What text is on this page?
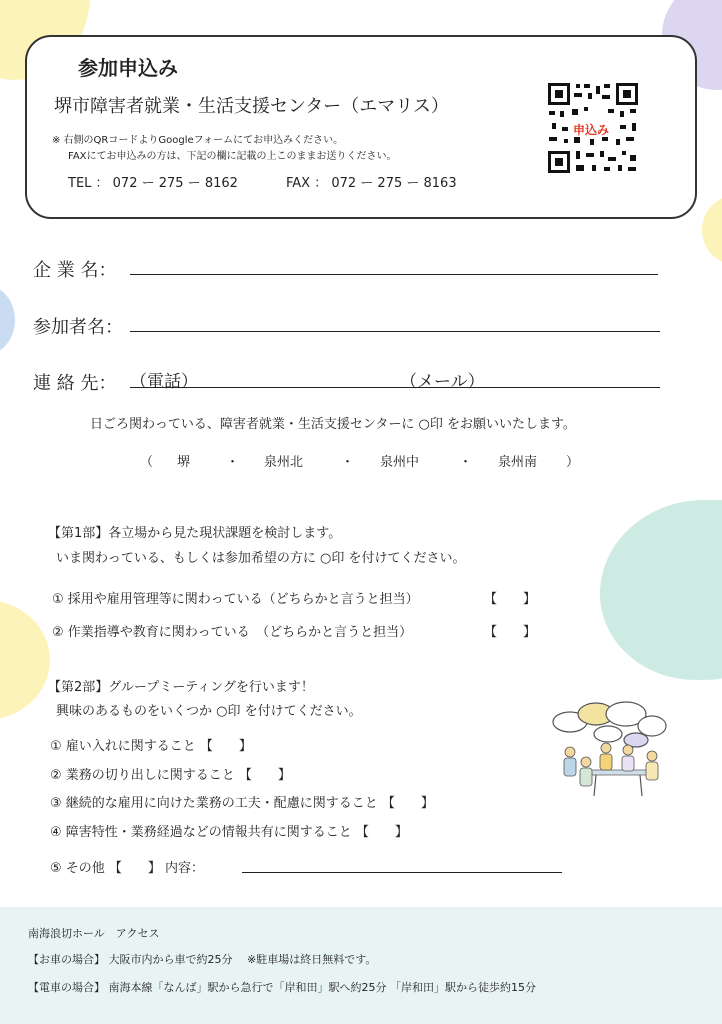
参加申込み
堺市障害者就業・生活支援センター（エマリス）
※ 右側のQRコードよりGoogleフォームにてお申込みください。
FAXにてお申込みの方は、下記の欄に記載の上このままお送りください。
TEL ： 072 ー 275 ー 8162	FAX ： 072 ー 275 ー 8163
申込み
企 業 名：
参加者名：
連 絡 先： （電話）	（メール）
日ごろ関わっている、障害者就業・生活支援センターに ○印 をお願いいたします。
（ 堺	・ 泉州北	・ 泉州中	・ 泉州南 ）
【第1部】各立場から見た現状課題を検討します。
いま関わっている、もしくは参加希望の方に ○印 を付けてください。
① 採用や雇用管理等に関わっている（どちらかと言うと担当）	【　　】
② 作業指導や教育に関わっている　（どちらかと言うと担当）	【　　】
【第2部】グループミーティングを行います！
興味のあるものをいくつか ○印 を付けてください。
① 雇い入れに関すること 【　　】
② 業務の切り出しに関すること 【　　】
③ 継続的な雇用に向けた業務の工夫・配慮に関すること 【　　】
④ 障害特性・業務経過などの情報共有に関すること 【　　】
⑤ その他 【　　】 内容：
南海浪切ホール　アクセス
【お車の場合】 大阪市内から車で約25分　 ※駐車場は終日無料です。
【電車の場合】 南海本線「なんば」駅から急行で「岸和田」駅へ約25分 「岸和田」駅から徒歩約15分
